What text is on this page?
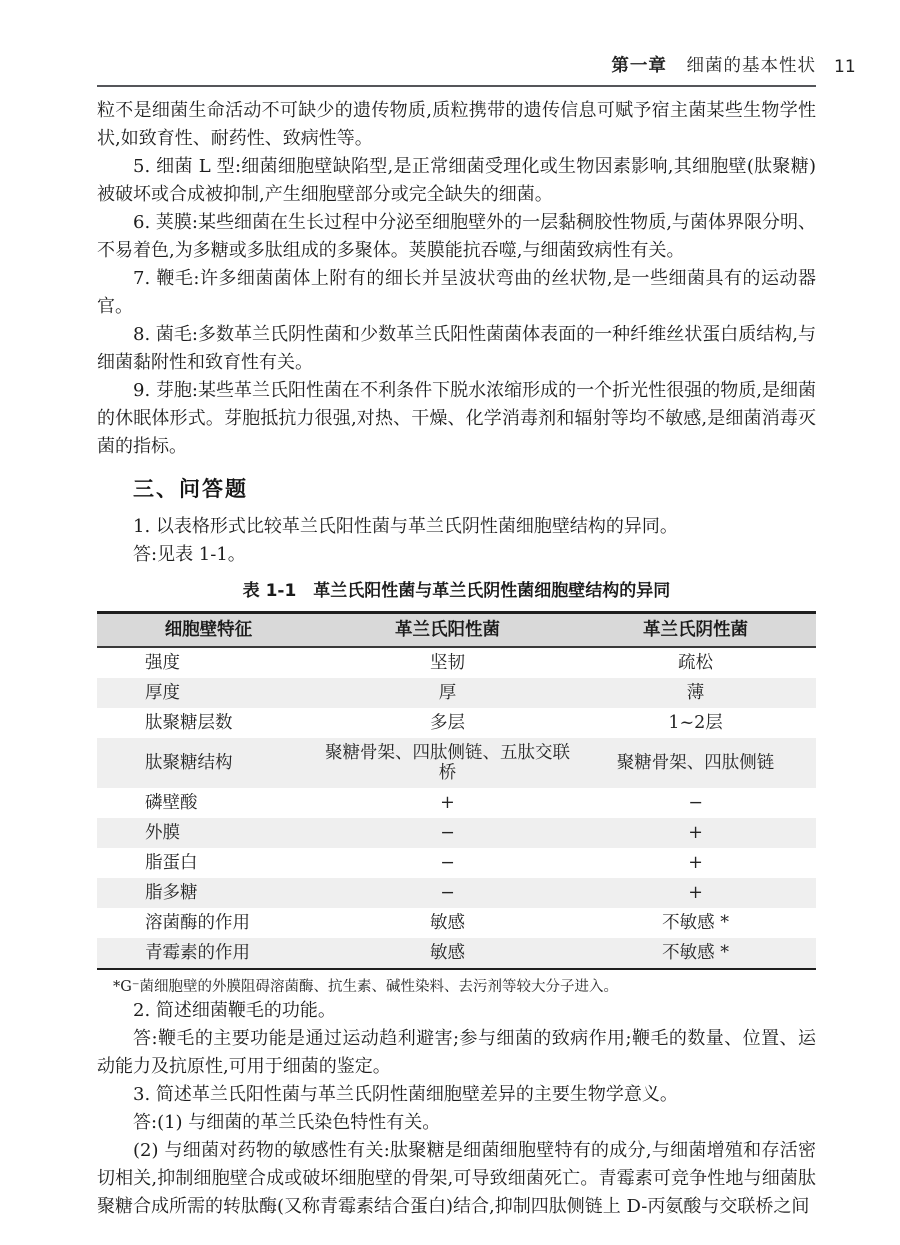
第一章 细菌的基本性状 11

粒不是细菌生命活动不可缺少的遗传物质,质粒携带的遗传信息可赋予宿主菌某些生物学性状,如致育性、耐药性、致病性等。

5. 细菌 L 型:细菌细胞壁缺陷型,是正常细菌受理化或生物因素影响,其细胞壁(肽聚糖)被破坏或合成被抑制,产生细胞壁部分或完全缺失的细菌。

6. 荚膜:某些细菌在生长过程中分泌至细胞壁外的一层黏稠胶性物质,与菌体界限分明、不易着色,为多糖或多肽组成的多聚体。荚膜能抗吞噬,与细菌致病性有关。

7. 鞭毛:许多细菌菌体上附有的细长并呈波状弯曲的丝状物,是一些细菌具有的运动器官。

8. 菌毛:多数革兰氏阴性菌和少数革兰氏阳性菌菌体表面的一种纤维丝状蛋白质结构,与细菌黏附性和致育性有关。

9. 芽胞:某些革兰氏阳性菌在不利条件下脱水浓缩形成的一个折光性很强的物质,是细菌的休眠体形式。芽胞抵抗力很强,对热、干燥、化学消毒剂和辐射等均不敏感,是细菌消毒灭菌的指标。

三、问答题

1. 以表格形式比较革兰氏阳性菌与革兰氏阴性菌细胞壁结构的异同。

答:见表 1-1。

表 1-1　革兰氏阳性菌与革兰氏阴性菌细胞壁结构的异同
细胞壁特征	革兰氏阳性菌	革兰氏阴性菌
强度	坚韧	疏松
厚度	厚	薄
肽聚糖层数	多层	1~2层
肽聚糖结构	聚糖骨架、四肽侧链、五肽交联桥	聚糖骨架、四肽侧链
磷壁酸	+	−
外膜	−	+
脂蛋白	−	+
脂多糖	−	+
溶菌酶的作用	敏感	不敏感 *
青霉素的作用	敏感	不敏感 *

*G⁻菌细胞壁的外膜阻碍溶菌酶、抗生素、碱性染料、去污剂等较大分子进入。

2. 简述细菌鞭毛的功能。

答:鞭毛的主要功能是通过运动趋利避害;参与细菌的致病作用;鞭毛的数量、位置、运动能力及抗原性,可用于细菌的鉴定。

3. 简述革兰氏阳性菌与革兰氏阴性菌细胞壁差异的主要生物学意义。

答:(1) 与细菌的革兰氏染色特性有关。

(2) 与细菌对药物的敏感性有关:肽聚糖是细菌细胞壁特有的成分,与细菌增殖和存活密切相关,抑制细胞壁合成或破坏细胞壁的骨架,可导致细菌死亡。青霉素可竞争性地与细菌肽聚糖合成所需的转肽酶(又称青霉素结合蛋白)结合,抑制四肽侧链上 D-丙氨酸与交联桥之间
